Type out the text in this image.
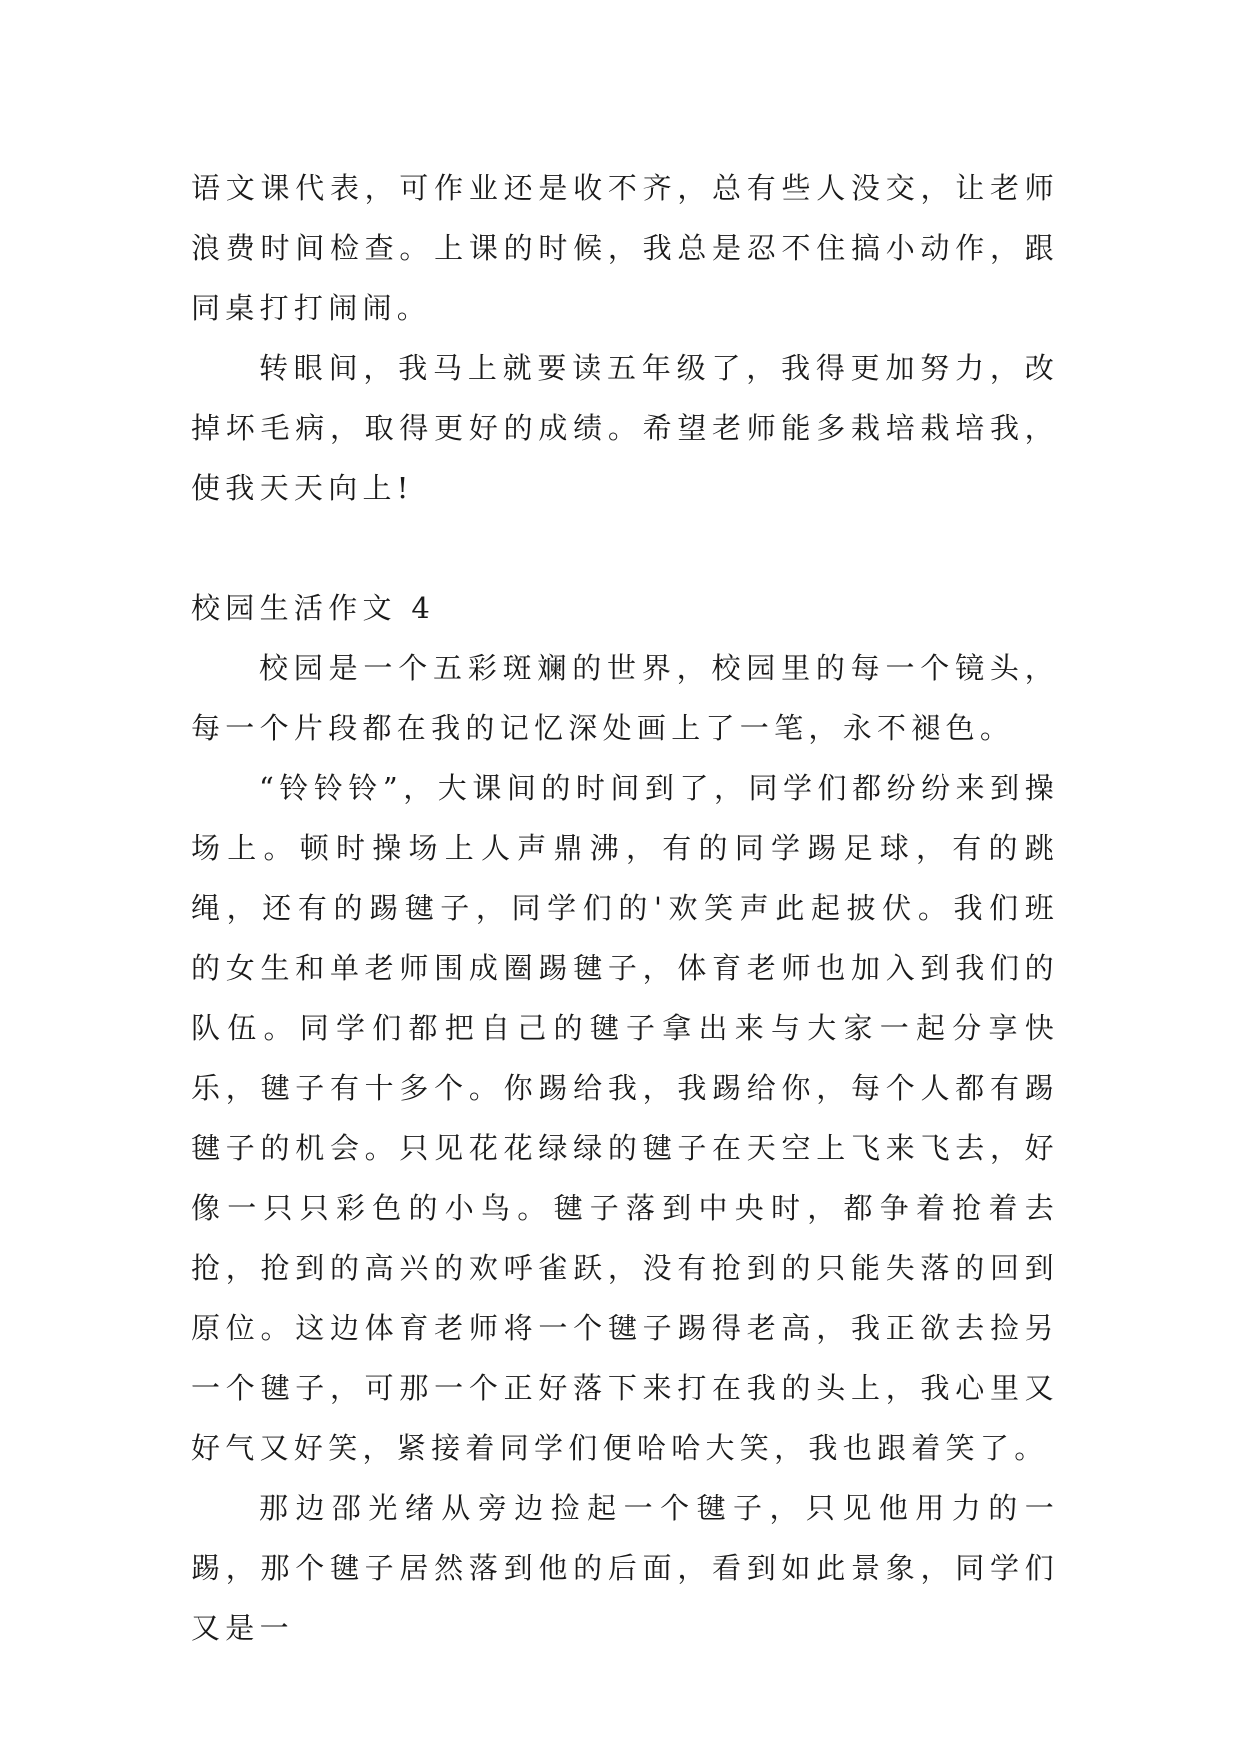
语文课代表，可作业还是收不齐，总有些人没交，让老师浪费时间检查。上课的时候，我总是忍不住搞小动作，跟同桌打打闹闹。

转眼间，我马上就要读五年级了，我得更加努力，改掉坏毛病，取得更好的成绩。希望老师能多栽培栽培我，使我天天向上!

校园生活作文 4

校园是一个五彩斑斓的世界，校园里的每一个镜头，每一个片段都在我的记忆深处画上了一笔，永不褪色。

“铃铃铃”，大课间的时间到了，同学们都纷纷来到操场上。顿时操场上人声鼎沸，有的同学踢足球，有的跳绳，还有的踢毽子，同学们的'欢笑声此起披伏。我们班的女生和单老师围成圈踢毽子，体育老师也加入到我们的队伍。同学们都把自己的毽子拿出来与大家一起分享快乐，毽子有十多个。你踢给我，我踢给你，每个人都有踢毽子的机会。只见花花绿绿的毽子在天空上飞来飞去，好像一只只彩色的小鸟。毽子落到中央时，都争着抢着去抢，抢到的高兴的欢呼雀跃，没有抢到的只能失落的回到原位。这边体育老师将一个毽子踢得老高，我正欲去捡另一个毽子，可那一个正好落下来打在我的头上，我心里又好气又好笑，紧接着同学们便哈哈大笑，我也跟着笑了。

那边邵光绪从旁边捡起一个毽子，只见他用力的一踢，那个毽子居然落到他的后面，看到如此景象，同学们又是一
